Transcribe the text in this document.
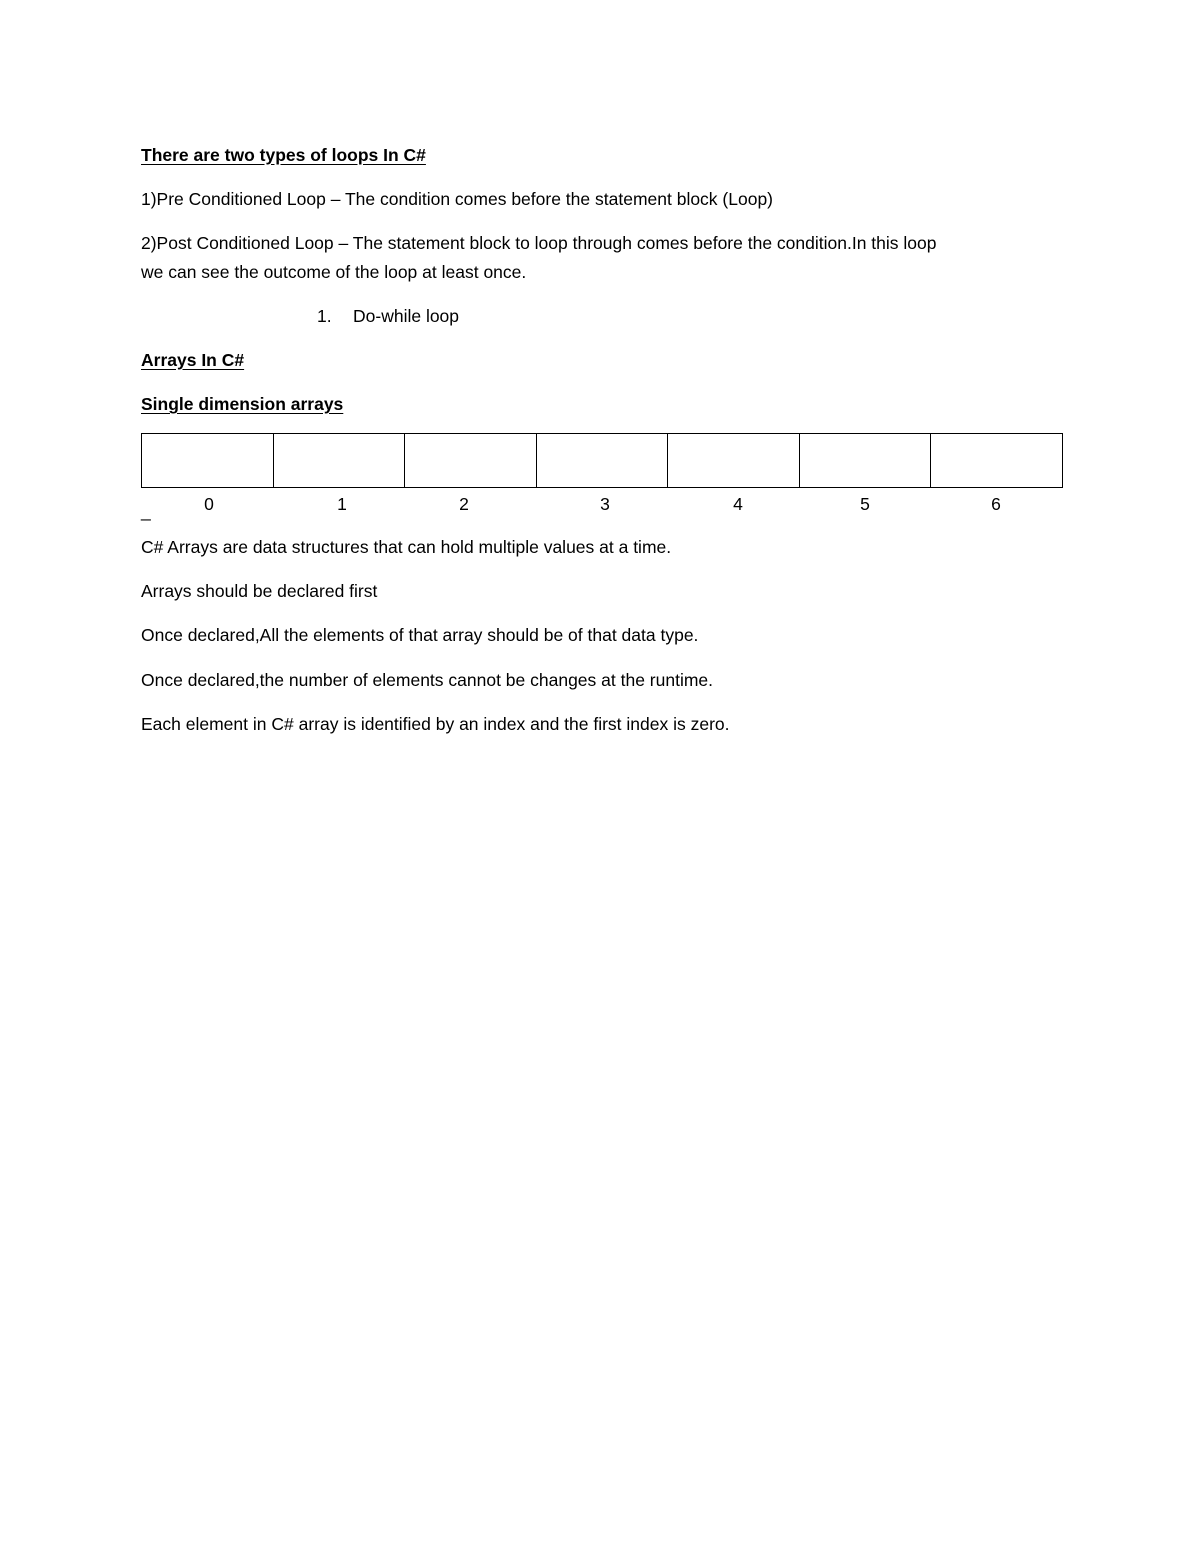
There are two types of loops In C#
1)Pre Conditioned Loop – The condition comes before the statement block (Loop)
2)Post Conditioned Loop – The statement block to loop through comes before the condition.In this loop
we can see the outcome of the loop at least once.
1. Do-while loop
Arrays In C#
Single dimension arrays

_	0	1	2	3	4	5	6
C# Arrays are data structures that can hold multiple values at a time.
Arrays should be declared first
Once declared,All the elements of that array should be of that data type.
Once declared,the number of elements cannot be changes at the runtime.
Each element in C# array is identified by an index and the first index is zero.
